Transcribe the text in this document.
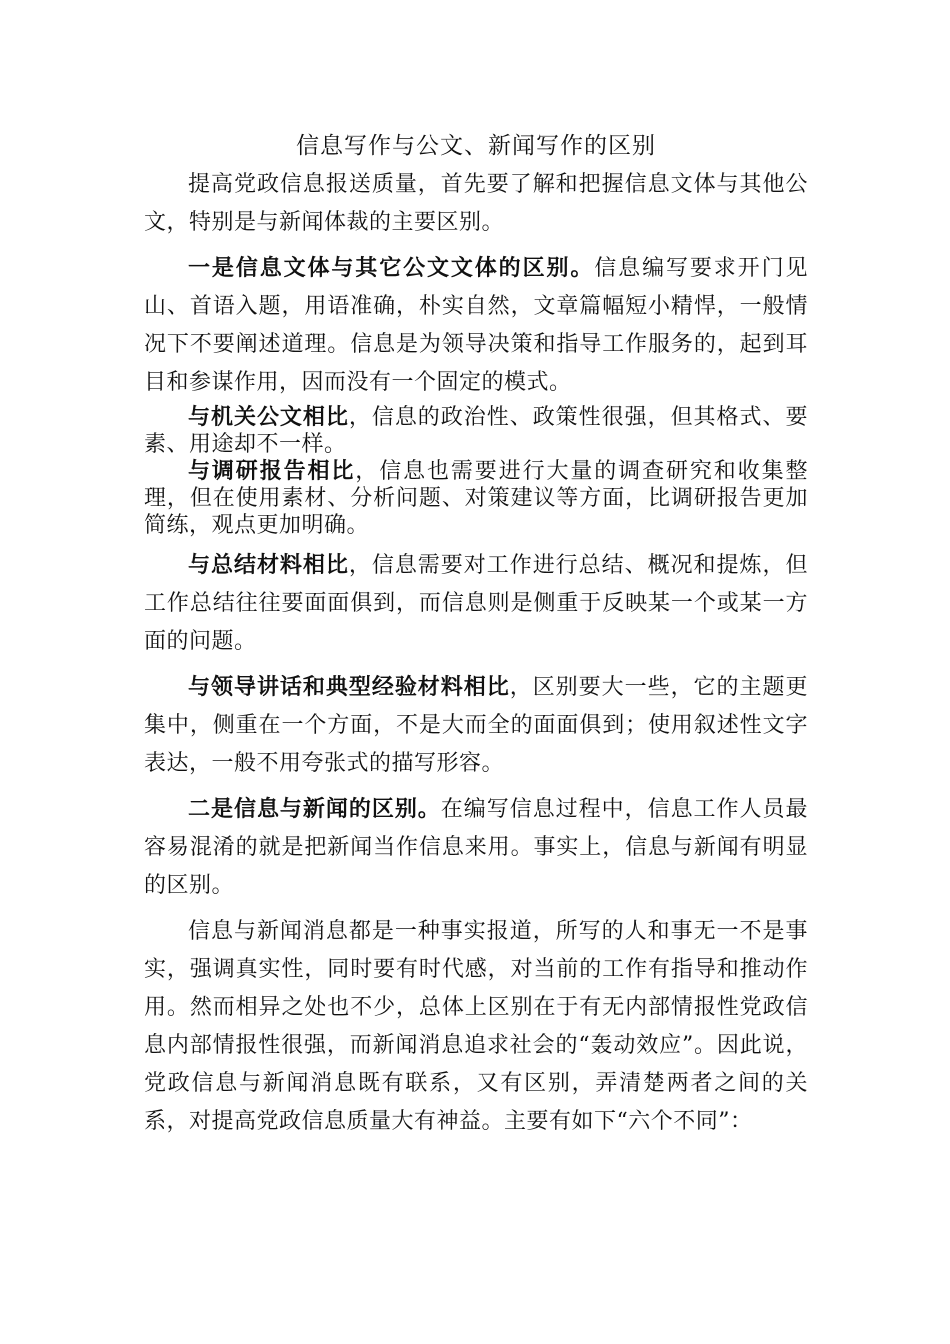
信息写作与公文、新闻写作的区别

提高党政信息报送质量，首先要了解和把握信息文体与其他公文，特别是与新闻体裁的主要区别。

一是信息文体与其它公文文体的区别。信息编写要求开门见山、首语入题，用语准确，朴实自然，文章篇幅短小精悍，一般情况下不要阐述道理。信息是为领导决策和指导工作服务的，起到耳目和参谋作用，因而没有一个固定的模式。

与机关公文相比，信息的政治性、政策性很强，但其格式、要素、用途却不一样。

与调研报告相比，信息也需要进行大量的调查研究和收集整理，但在使用素材、分析问题、对策建议等方面，比调研报告更加简练，观点更加明确。

与总结材料相比，信息需要对工作进行总结、概况和提炼，但工作总结往往要面面俱到，而信息则是侧重于反映某一个或某一方面的问题。

与领导讲话和典型经验材料相比，区别要大一些，它的主题更集中，侧重在一个方面，不是大而全的面面俱到；使用叙述性文字表达，一般不用夸张式的描写形容。

二是信息与新闻的区别。在编写信息过程中，信息工作人员最容易混淆的就是把新闻当作信息来用。事实上，信息与新闻有明显的区别。

信息与新闻消息都是一种事实报道，所写的人和事无一不是事实，强调真实性，同时要有时代感，对当前的工作有指导和推动作用。然而相异之处也不少，总体上区别在于有无内部情报性党政信息内部情报性很强，而新闻消息追求社会的“轰动效应”。因此说，党政信息与新闻消息既有联系，又有区别，弄清楚两者之间的关系，对提高党政信息质量大有神益。主要有如下“六个不同”：
